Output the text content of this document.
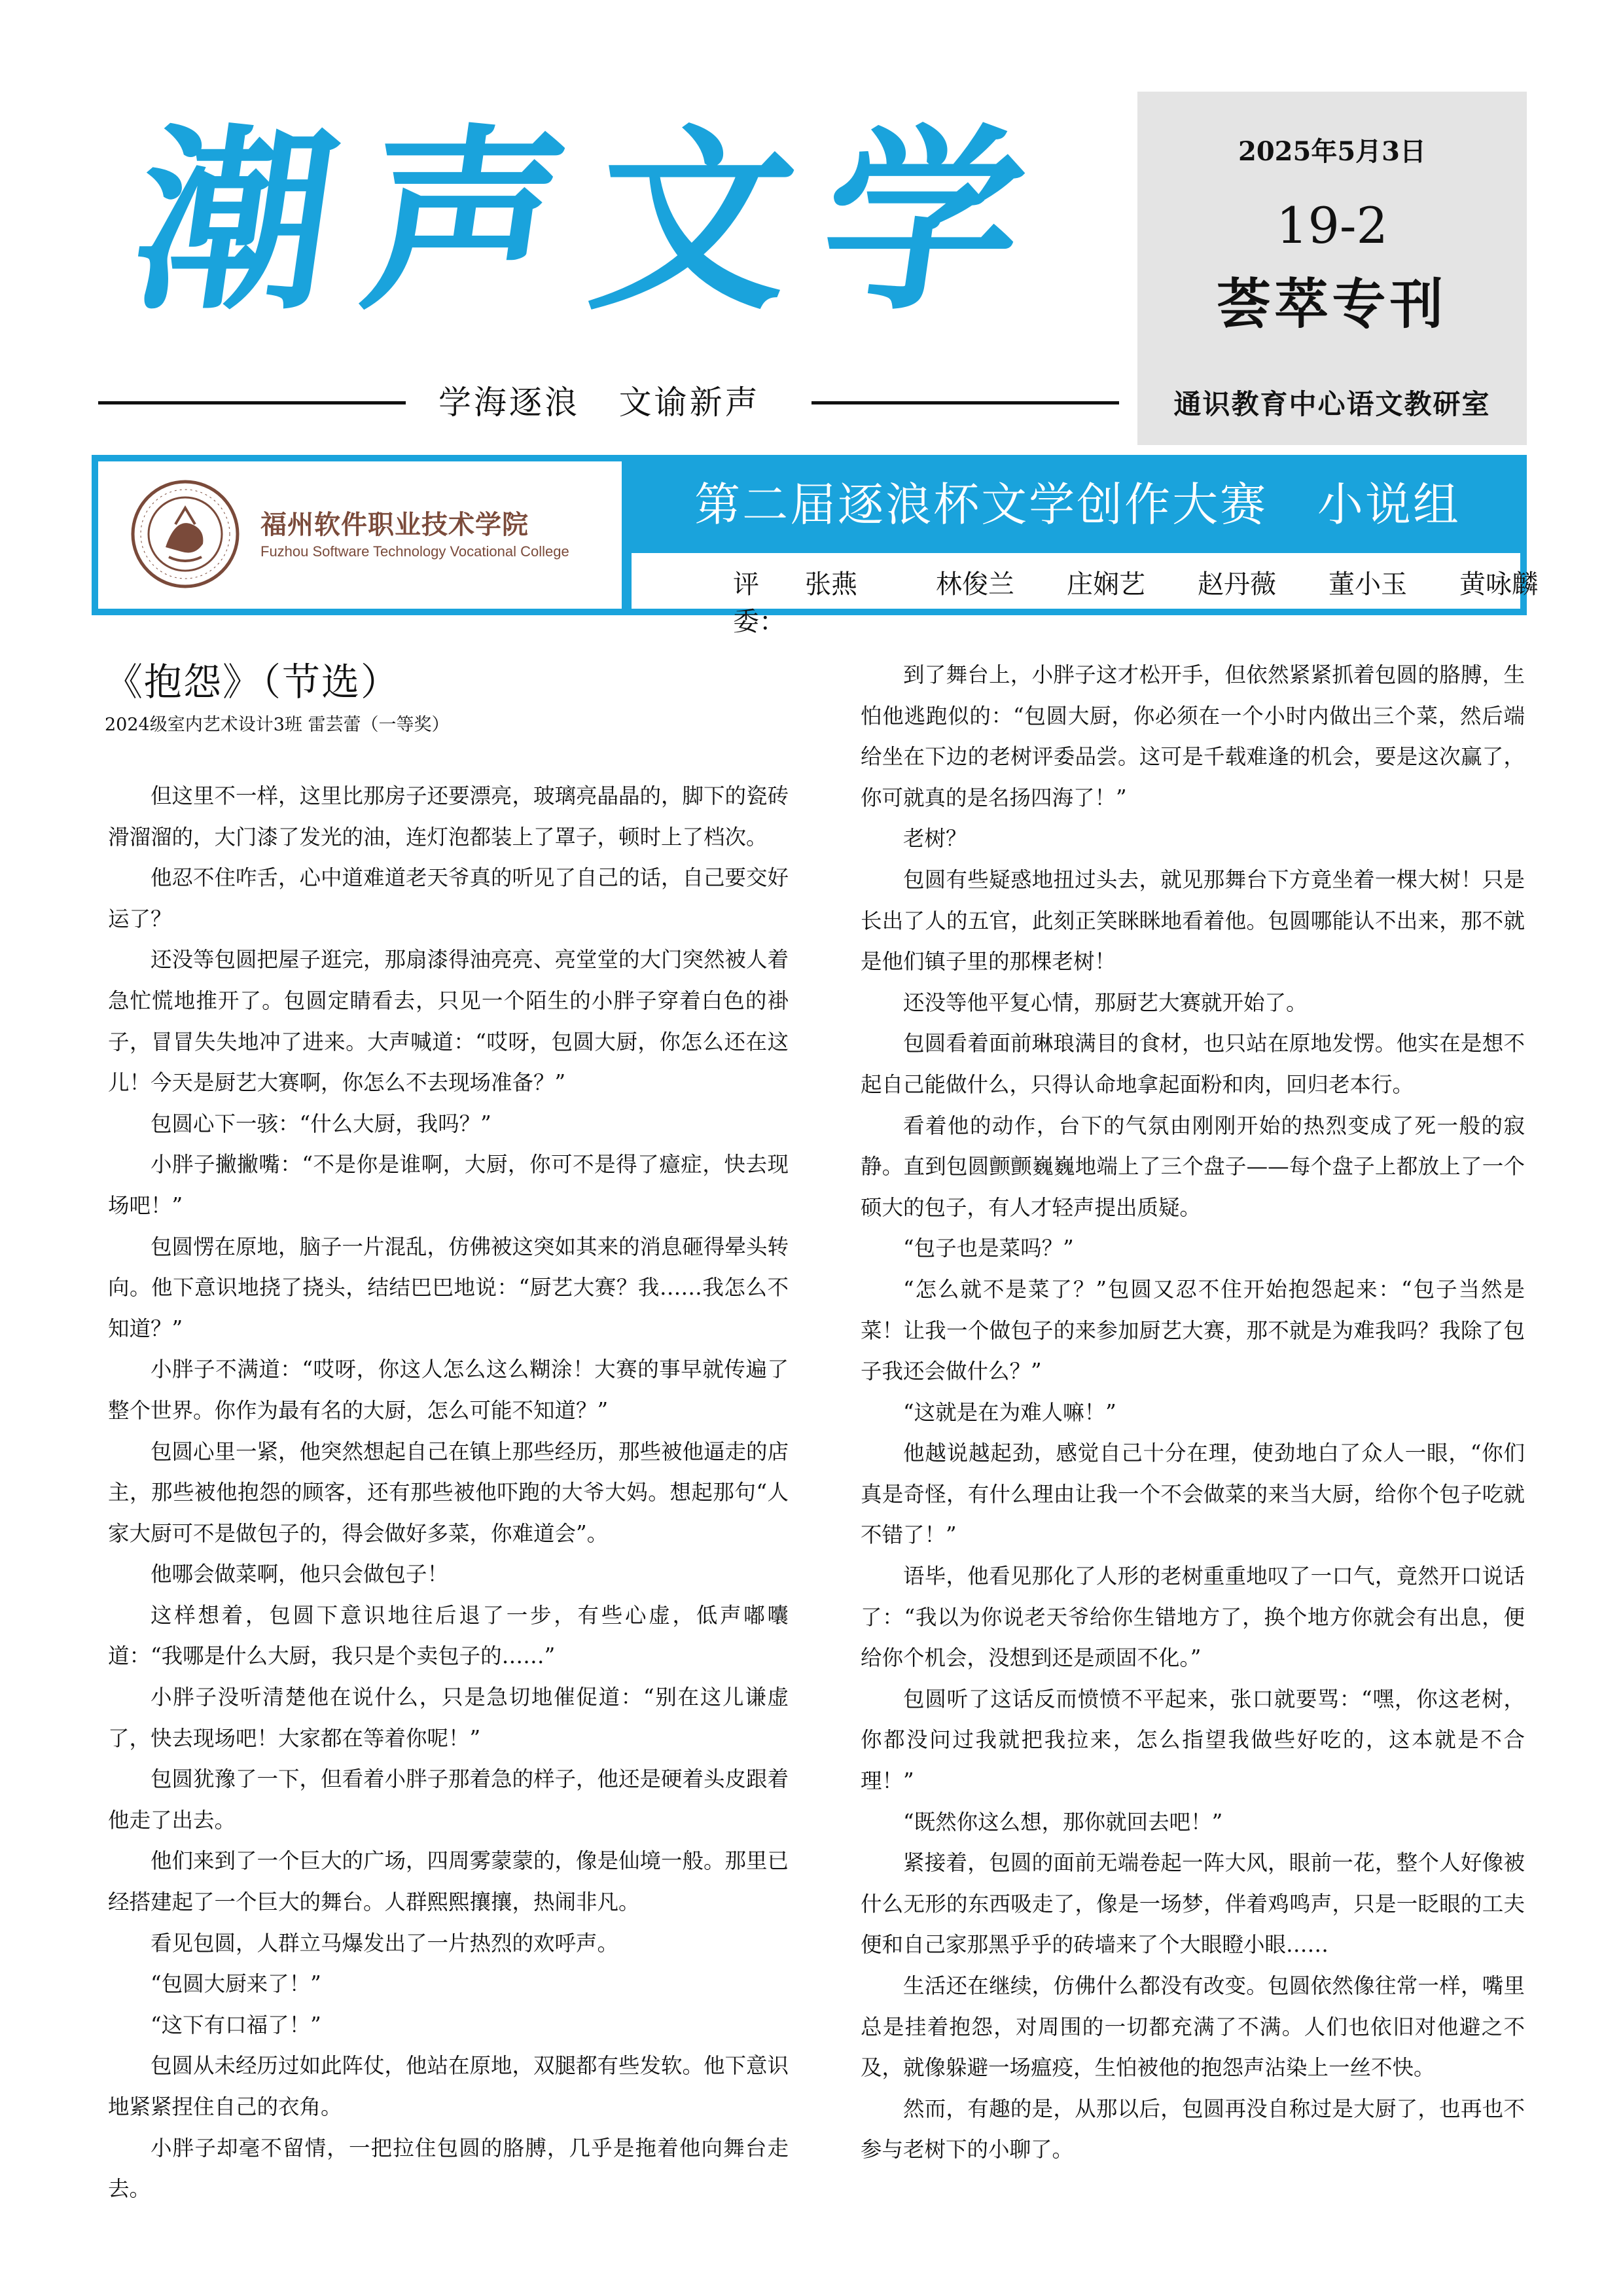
潮 声 文 学
学海逐浪   文谕新声
2025年5月3日
19-2
荟萃专刊
通识教育中心语文教研室
福州软件职业技术学院
Fuzhou Software Technology Vocational College
第二届逐浪杯文学创作大赛   小说组
评委：
张燕	林俊兰	庄娴艺	赵丹薇	董小玉	黄咏麟
《抱怨》（节选）
2024级室内艺术设计3班 雷芸蕾（一等奖）

但这里不一样，这里比那房子还要漂亮，玻璃亮晶晶的，脚下的瓷砖滑溜溜的，大门漆了发光的油，连灯泡都装上了罩子，顿时上了档次。

他忍不住咋舌，心中道难道老天爷真的听见了自己的话，自己要交好运了？

还没等包圆把屋子逛完，那扇漆得油亮亮、亮堂堂的大门突然被人着急忙慌地推开了。包圆定睛看去，只见一个陌生的小胖子穿着白色的褂子，冒冒失失地冲了进来。大声喊道：“哎呀，包圆大厨，你怎么还在这儿！今天是厨艺大赛啊，你怎么不去现场准备？”

包圆心下一骇：“什么大厨，我吗？”

小胖子撇撇嘴：“不是你是谁啊，大厨，你可不是得了癔症，快去现场吧！”

包圆愣在原地，脑子一片混乱，仿佛被这突如其来的消息砸得晕头转向。他下意识地挠了挠头，结结巴巴地说：“厨艺大赛？我……我怎么不知道？”

小胖子不满道：“哎呀，你这人怎么这么糊涂！大赛的事早就传遍了整个世界。你作为最有名的大厨，怎么可能不知道？”

包圆心里一紧，他突然想起自己在镇上那些经历，那些被他逼走的店主，那些被他抱怨的顾客，还有那些被他吓跑的大爷大妈。想起那句“人家大厨可不是做包子的，得会做好多菜，你难道会”。

他哪会做菜啊，他只会做包子！

这样想着，包圆下意识地往后退了一步，有些心虚，低声嘟囔道：“我哪是什么大厨，我只是个卖包子的……”

小胖子没听清楚他在说什么，只是急切地催促道：“别在这儿谦虚了，快去现场吧！大家都在等着你呢！”

包圆犹豫了一下，但看着小胖子那着急的样子，他还是硬着头皮跟着他走了出去。

他们来到了一个巨大的广场，四周雾蒙蒙的，像是仙境一般。那里已经搭建起了一个巨大的舞台。人群熙熙攘攘，热闹非凡。

看见包圆，人群立马爆发出了一片热烈的欢呼声。

“包圆大厨来了！”

“这下有口福了！”

包圆从未经历过如此阵仗，他站在原地，双腿都有些发软。他下意识地紧紧捏住自己的衣角。

小胖子却毫不留情，一把拉住包圆的胳膊，几乎是拖着他向舞台走去。

到了舞台上，小胖子这才松开手，但依然紧紧抓着包圆的胳膊，生怕他逃跑似的：“包圆大厨，你必须在一个小时内做出三个菜，然后端给坐在下边的老树评委品尝。这可是千载难逢的机会，要是这次赢了，你可就真的是名扬四海了！”

老树？

包圆有些疑惑地扭过头去，就见那舞台下方竟坐着一棵大树！只是长出了人的五官，此刻正笑眯眯地看着他。包圆哪能认不出来，那不就是他们镇子里的那棵老树！

还没等他平复心情，那厨艺大赛就开始了。

包圆看着面前琳琅满目的食材，也只站在原地发愣。他实在是想不起自己能做什么，只得认命地拿起面粉和肉，回归老本行。

看着他的动作，台下的气氛由刚刚开始的热烈变成了死一般的寂静。直到包圆颤颤巍巍地端上了三个盘子——每个盘子上都放上了一个硕大的包子，有人才轻声提出质疑。

“包子也是菜吗？”

“怎么就不是菜了？”包圆又忍不住开始抱怨起来：“包子当然是菜！让我一个做包子的来参加厨艺大赛，那不就是为难我吗？我除了包子我还会做什么？”

“这就是在为难人嘛！”

他越说越起劲，感觉自己十分在理，使劲地白了众人一眼，“你们真是奇怪，有什么理由让我一个不会做菜的来当大厨，给你个包子吃就不错了！”

语毕，他看见那化了人形的老树重重地叹了一口气，竟然开口说话了：“我以为你说老天爷给你生错地方了，换个地方你就会有出息，便给你个机会，没想到还是顽固不化。”

包圆听了这话反而愤愤不平起来，张口就要骂：“嘿，你这老树，你都没问过我就把我拉来，怎么指望我做些好吃的，这本就是不合理！”

“既然你这么想，那你就回去吧！”

紧接着，包圆的面前无端卷起一阵大风，眼前一花，整个人好像被什么无形的东西吸走了，像是一场梦，伴着鸡鸣声，只是一眨眼的工夫便和自己家那黑乎乎的砖墙来了个大眼瞪小眼……

生活还在继续，仿佛什么都没有改变。包圆依然像往常一样，嘴里总是挂着抱怨，对周围的一切都充满了不满。人们也依旧对他避之不及，就像躲避一场瘟疫，生怕被他的抱怨声沾染上一丝不快。

然而，有趣的是，从那以后，包圆再没自称过是大厨了，也再也不参与老树下的小聊了。
